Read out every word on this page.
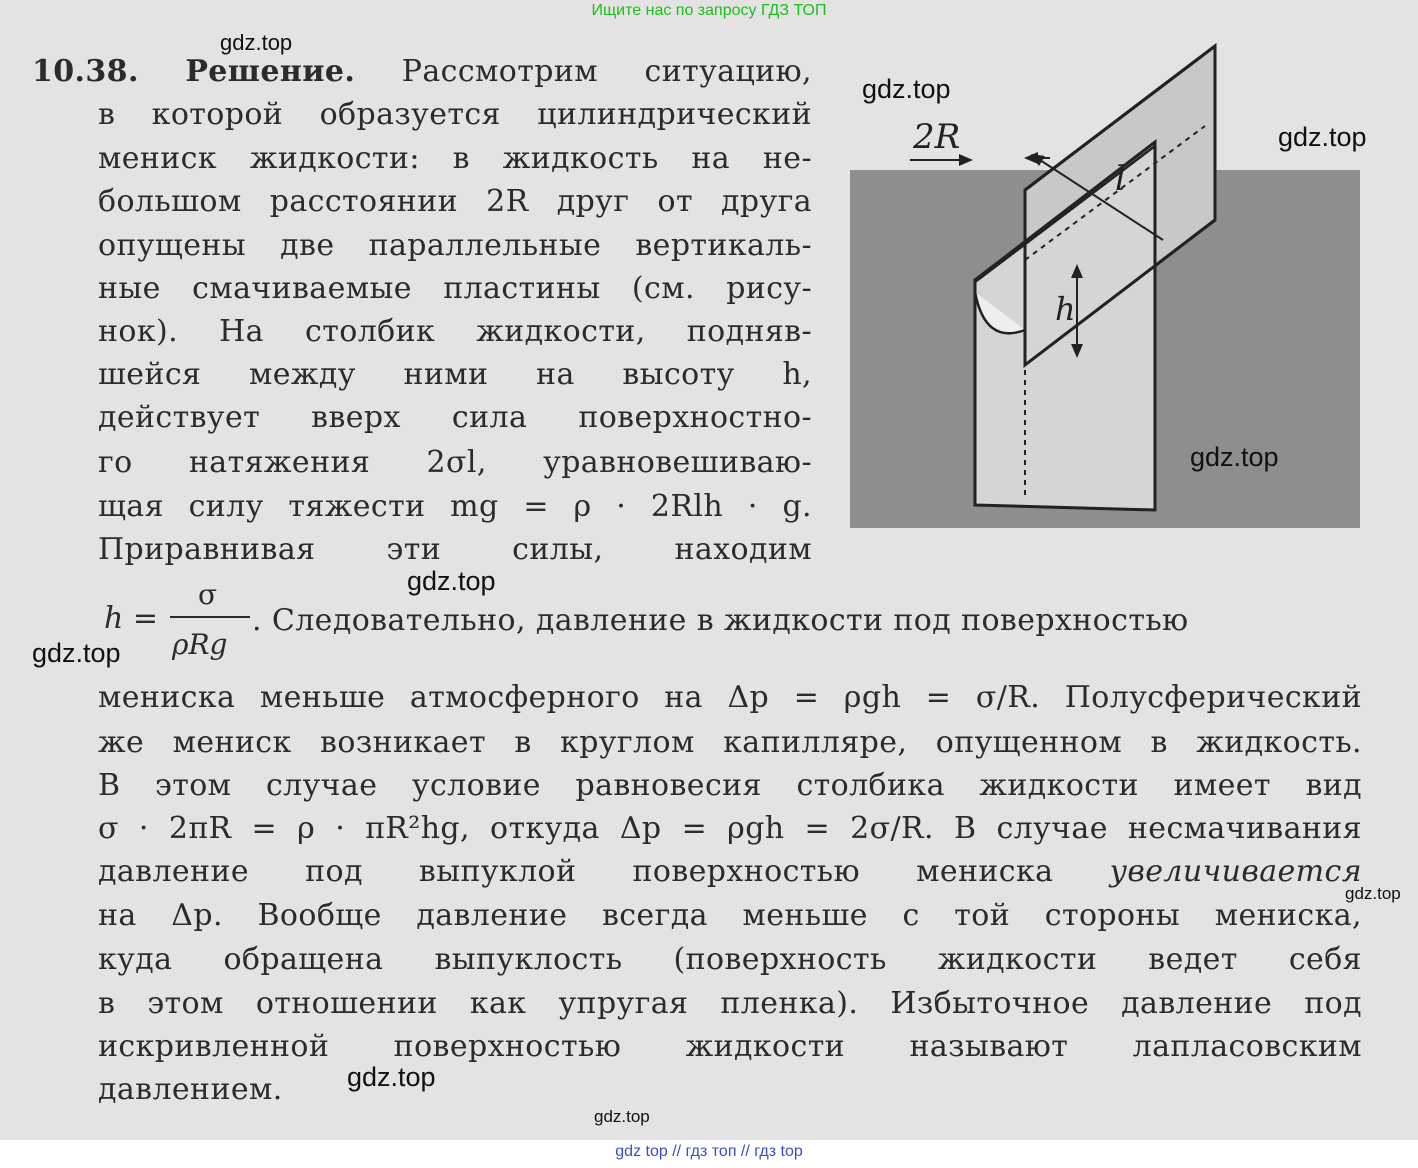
10.38. Решение. Рассмотрим ситуацию,
в которой образуется цилиндрический
мениск жидкости: в жидкость на не-
большом расстоянии 2R друг от друга
опущены две параллельные вертикаль-
ные смачиваемые пластины (см. рису-
нок). На столбик жидкости, подняв-
шейся между ними на высоту h,
действует вверх сила поверхностно-
го натяжения 2σl, уравновешиваю-
щая силу тяжести mg = ρ · 2Rlh · g.
Приравнивая эти силы, находим
h =
σ
ρRg
. Следовательно, давление в жидкости под поверхностью
мениска меньше атмосферного на Δp = ρgh = σ/R. Полусферический
же мениск возникает в круглом капилляре, опущенном в жидкость.
В этом случае условие равновесия столбика жидкости имеет вид
σ · 2πR = ρ · πR²hg, откуда Δp = ρgh = 2σ/R. В случае несмачивания
давление под выпуклой поверхностью мениска увеличивается
на Δp. Вообще давление всегда меньше с той стороны мениска,
куда обращена выпуклость (поверхность жидкости ведет себя
в этом отношении как упругая пленка). Избыточное давление под
искривленной поверхностью жидкости называют лапласовским
давлением.
2R
l
h
gdz.top
gdz.top
gdz.top
gdz.top
gdz.top
gdz.top
gdz.top
gdz.top
gdz.top
Ищите нас по запросу ГДЗ ТОП
gdz top // гдз топ // гдз top
